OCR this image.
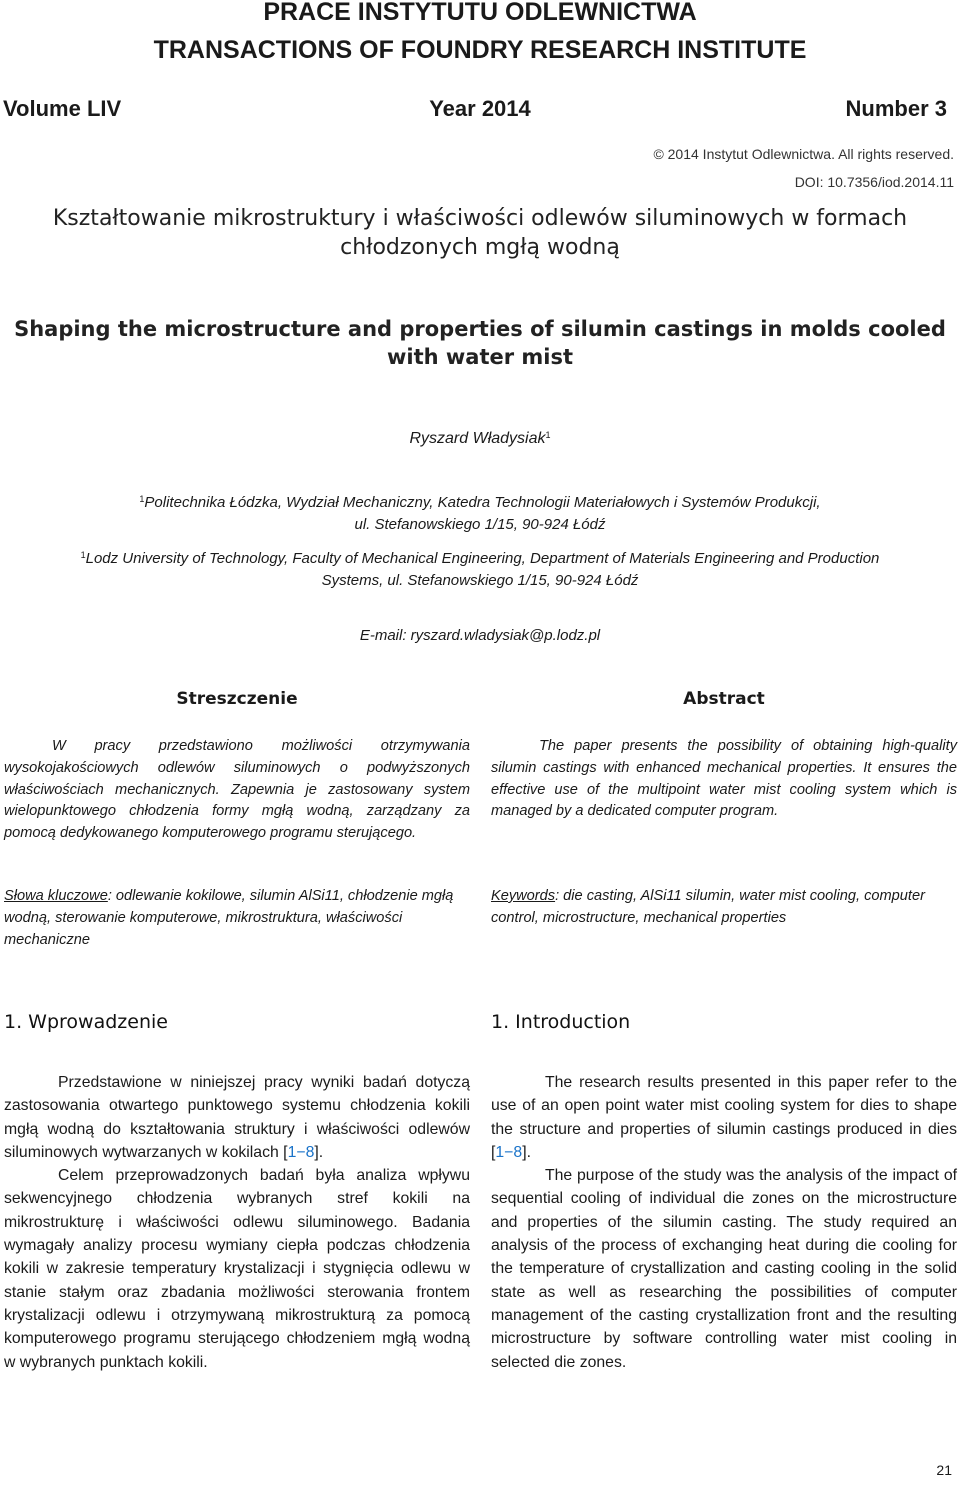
PRACE INSTYTUTU ODLEWNICTWA
TRANSACTIONS OF FOUNDRY RESEARCH INSTITUTE
Year 2014
Volume LIV	Number 3
© 2014 Instytut Odlewnictwa. All rights reserved.
DOI: 10.7356/iod.2014.11
Kształtowanie mikrostruktury i właściwości odlewów siluminowych w formach
chłodzonych mgłą wodną
Shaping the microstructure and properties of silumin castings in molds cooled
with water mist
Ryszard Władysiak$^1$
$^1$Politechnika Łódzka, Wydział Mechaniczny, Katedra Technologii Materiałowych i Systemów Produkcji,
ul. Stefanowskiego 1/15, 90-924 Łódź
$^1$Lodz University of Technology, Faculty of Mechanical Engineering, Department of Materials Engineering and Production
Systems, ul. Stefanowskiego 1/15, 90-924 Łódź
E-mail: ryszard.wladysiak@p.lodz.pl
Streszczenie	Abstract
W pracy przedstawiono możliwości otrzymywania wysokojakościowych odlewów siluminowych o podwyższonych właściwościach mechanicznych. Zapewnia je zastosowany system wielopunktowego chłodzenia formy mgłą wodną, zarządzany za pomocą dedykowanego komputerowego programu sterującego.
The paper presents the possibility of obtaining high-quality silumin castings with enhanced mechanical properties. It ensures the effective use of the multipoint water mist cooling system which is managed by a dedicated computer program.
Słowa kluczowe: odlewanie kokilowe, silumin AlSi11, chłodzenie mgłą wodną, sterowanie komputerowe, mikrostruktura, właściwości mechaniczne
Keywords: die casting, AlSi11 silumin, water mist cooling, computer control, microstructure, mechanical properties
1. Wprowadzenie	1. Introduction

Przedstawione w niniejszej pracy wyniki badań dotyczą zastosowania otwartego punktowego systemu chłodzenia kokili mgłą wodną do kształtowania struktury i właściwości odlewów siluminowych wytwarzanych w kokilach [1−8].

Celem przeprowadzonych badań była analiza wpływu sekwencyjnego chłodzenia wybranych stref kokili na mikrostrukturę i właściwości odlewu siluminowego. Badania wymagały analizy procesu wymiany ciepła podczas chłodzenia kokili w zakresie temperatury krystalizacji i stygnięcia odlewu w stanie stałym oraz zbadania możliwości sterowania frontem krystalizacji odlewu i otrzymywaną mikrostrukturą za pomocą komputerowego programu sterującego chłodzeniem mgłą wodną w wybranych punktach kokili.

The research results presented in this paper refer to the use of an open point water mist cooling system for dies to shape the structure and properties of silumin castings produced in dies [1−8].

The purpose of the study was the analysis of the impact of sequential cooling of individual die zones on the microstructure and properties of the silumin casting. The study required an analysis of the process of exchanging heat during die cooling for the temperature of crystallization and casting cooling in the solid state as well as researching the possibilities of computer management of the casting crystallization front and the resulting microstructure by software controlling water mist cooling in selected die zones.

21
